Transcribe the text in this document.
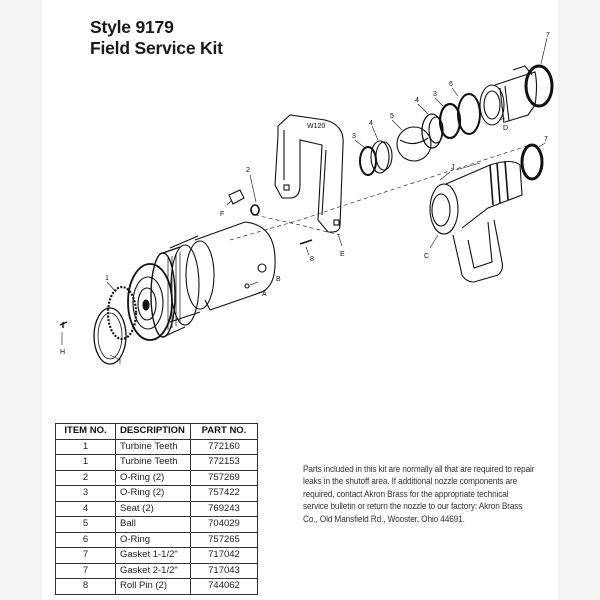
Style 9179
Field Service Kit
W120
2
1
I
H
F
B
A
8
E
3
4
5
4
3
6
7
7
D
J
C
ITEM NO.	DESCRIPTION	PART NO.
1	Turbine Teeth	772160
1	Turbine Teeth	772153
2	O-Ring (2)	757269
3	O-Ring (2)	757422
4	Seat (2)	769243
5	Ball	704029
6	O-Ring	757265
7	Gasket 1-1/2"	717042
7	Gasket 2-1/2"	717043
8	Roll Pin (2)	744062
Parts included in this kit are normally all that are required to repair leaks in the shutoff area. If additional nozzle components are required, contact Akron Brass for the appropriate technical service bulletin or return the nozzle to our factory: Akron Brass Co., Old Mansfield Rd., Wooster, Ohio 44691.
